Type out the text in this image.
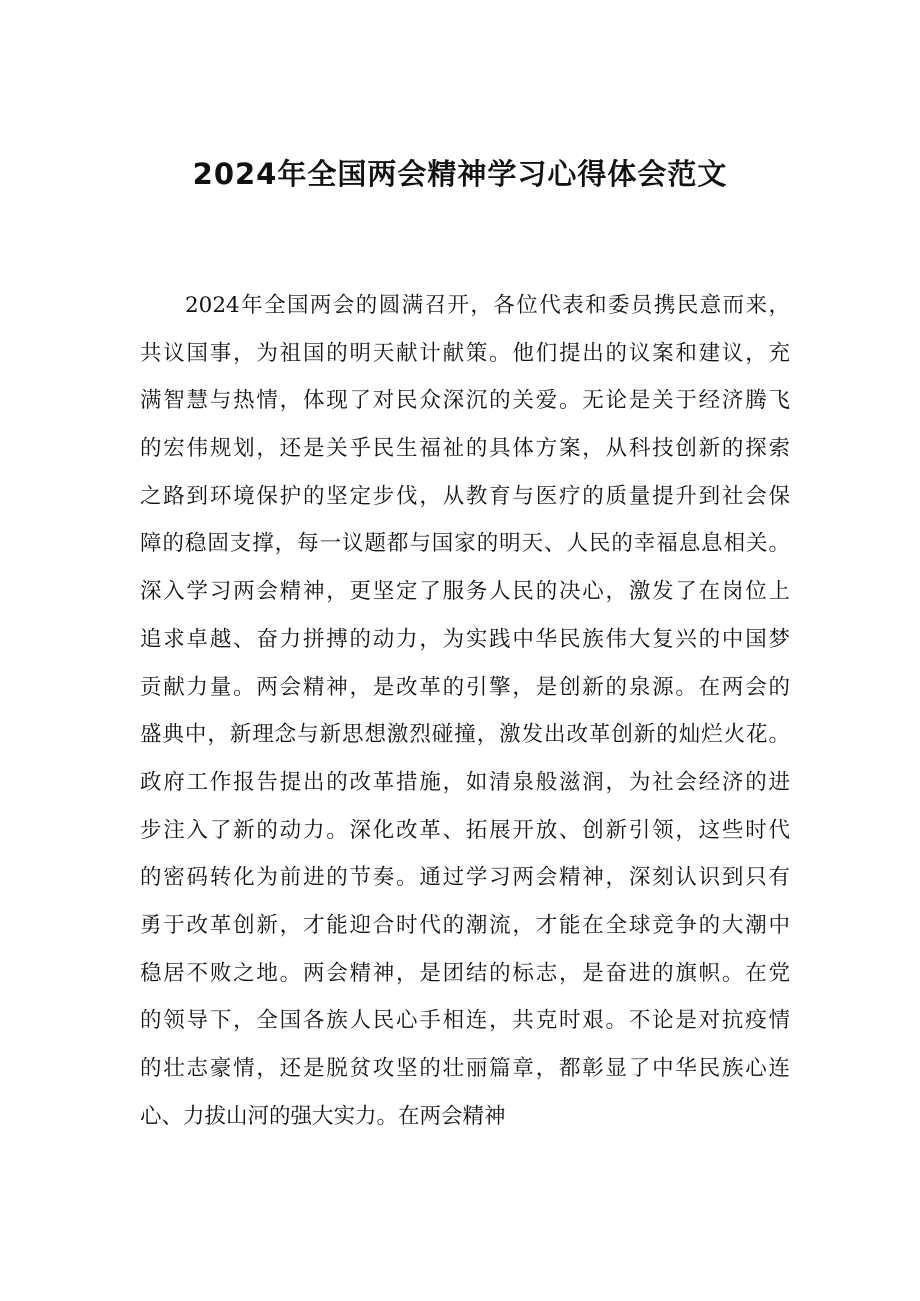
2024年全国两会精神学习心得体会范文
2024年全国两会的圆满召开，各位代表和委员携民意而来，
共议国事，为祖国的明天献计献策。他们提出的议案和建议，充
满智慧与热情，体现了对民众深沉的关爱。无论是关于经济腾飞
的宏伟规划，还是关乎民生福祉的具体方案，从科技创新的探索
之路到环境保护的坚定步伐，从教育与医疗的质量提升到社会保
障的稳固支撑，每一议题都与国家的明天、人民的幸福息息相关。
深入学习两会精神，更坚定了服务人民的决心，激发了在岗位上
追求卓越、奋力拼搏的动力，为实践中华民族伟大复兴的中国梦
贡献力量。两会精神，是改革的引擎，是创新的泉源。在两会的
盛典中，新理念与新思想激烈碰撞，激发出改革创新的灿烂火花。
政府工作报告提出的改革措施，如清泉般滋润，为社会经济的进
步注入了新的动力。深化改革、拓展开放、创新引领，这些时代
的密码转化为前进的节奏。通过学习两会精神，深刻认识到只有
勇于改革创新，才能迎合时代的潮流，才能在全球竞争的大潮中
稳居不败之地。两会精神，是团结的标志，是奋进的旗帜。在党
的领导下，全国各族人民心手相连，共克时艰。不论是对抗疫情
的壮志豪情，还是脱贫攻坚的壮丽篇章，都彰显了中华民族心连
心、力拔山河的强大实力。在两会精神
